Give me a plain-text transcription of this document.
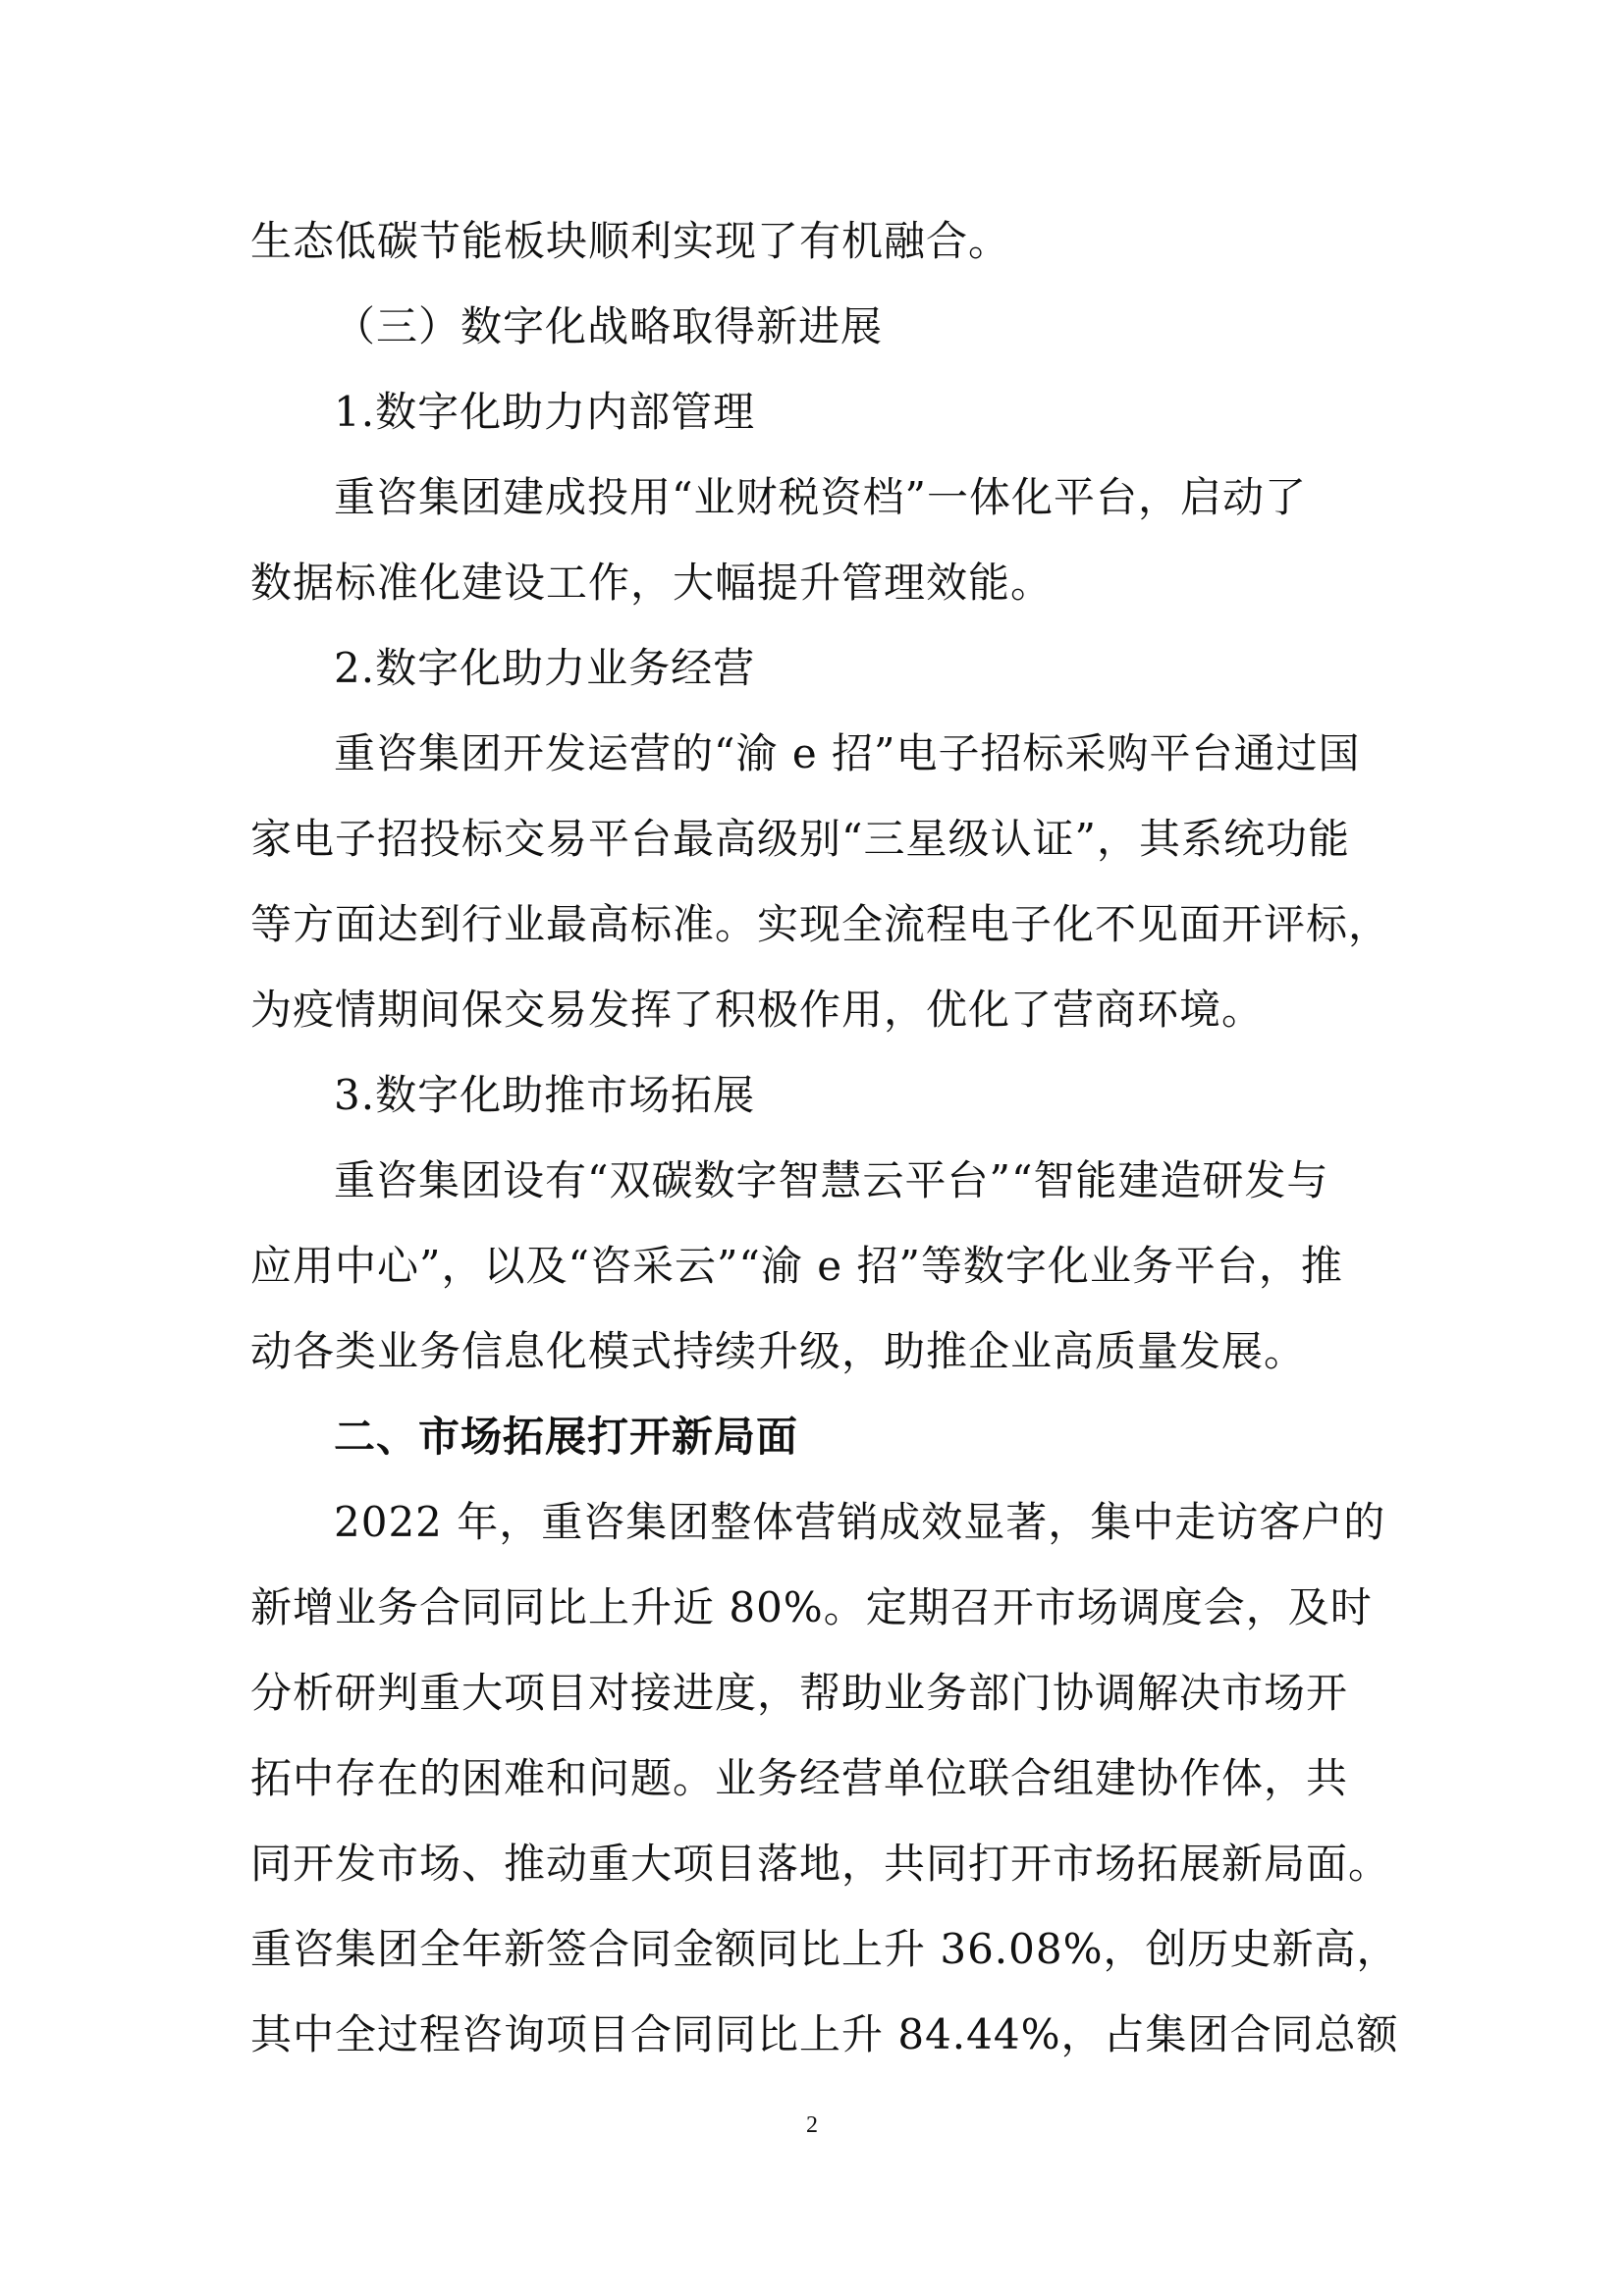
生态低碳节能板块顺利实现了有机融合。
（三）数字化战略取得新进展
1.数字化助力内部管理
重咨集团建成投用“业财税资档”一体化平台，启动了
数据标准化建设工作，大幅提升管理效能。
2.数字化助力业务经营
重咨集团开发运营的“渝 e 招”电子招标采购平台通过国
家电子招投标交易平台最高级别“三星级认证”，其系统功能
等方面达到行业最高标准。实现全流程电子化不见面开评标，
为疫情期间保交易发挥了积极作用，优化了营商环境。
3.数字化助推市场拓展
重咨集团设有“双碳数字智慧云平台”“智能建造研发与
应用中心”，以及“咨采云”“渝 e 招”等数字化业务平台，推
动各类业务信息化模式持续升级，助推企业高质量发展。
二、市场拓展打开新局面
2022 年，重咨集团整体营销成效显著，集中走访客户的
新增业务合同同比上升近 80%。定期召开市场调度会，及时
分析研判重大项目对接进度，帮助业务部门协调解决市场开
拓中存在的困难和问题。业务经营单位联合组建协作体，共
同开发市场、推动重大项目落地，共同打开市场拓展新局面。
重咨集团全年新签合同金额同比上升 36.08%，创历史新高，
其中全过程咨询项目合同同比上升 84.44%，占集团合同总额
2
